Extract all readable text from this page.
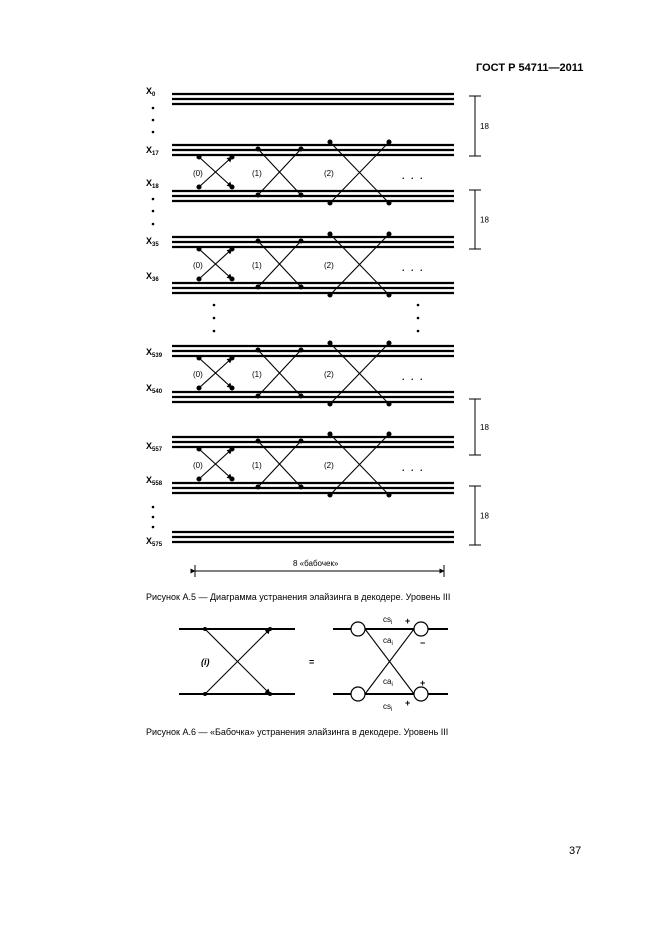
ГОСТ Р 54711—2011
(0)	(1)	(2)	. . .
(0)	(1)	(2)	. . .
(0)	(1)	(2)	. . .
(0)	(1)	(2)	. . .
$X_0$
$X_{17}$
$X_{18}$
$X_{35}$
$X_{36}$
$X_{539}$
$X_{540}$
$X_{557}$
$X_{558}$
$X_{575}$
18
18
18
18
8 «бабочек»
Рисунок А.5 — Диаграмма устранения элайзинга в декодере. Уровень III
(i)	=
$cs_i$
$ca_i$
$ca_i$
$cs_i$
+
−
+
+
Рисунок А.6 — «Бабочка» устранения элайзинга в декодере. Уровень III
37
